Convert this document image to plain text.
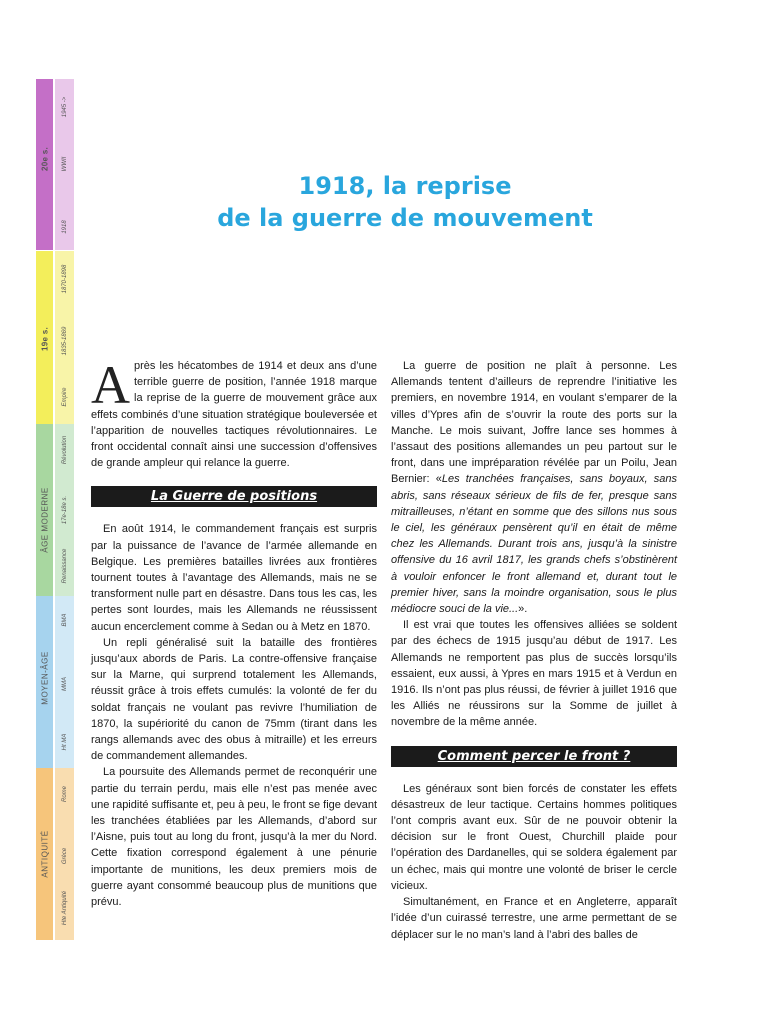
20e s.
1918
WWII
1945 ->
19e s.
Empire
1835-1869
1870-1898
ÂGE MODERNE
Renaissance
17e-18e s.
Révolution
MOYEN-ÂGE
Ht MA
MMA
BMA
ANTIQUITÉ
Hte Antiquité
Grèce
Rome
1918, la reprise
de la guerre de mouvement

Après les hécatombes de 1914 et deux ans d’une terrible guerre de position, l’année 1918 marque la reprise de la guerre de mouvement grâce aux effets combinés d’une situation stratégique bouleversée et l’apparition de nouvelles tactiques révolutionnaires. Le front occidental connaît ainsi une succession d’offensives de grande ampleur qui relance la guerre.

La Guerre de positions

En août 1914, le commandement français est surpris par la puissance de l’avance de l’armée allemande en Belgique. Les premières batailles livrées aux frontières tournent toutes à l’avantage des Allemands, mais ne se transforment nulle part en désastre. Dans tous les cas, les pertes sont lourdes, mais les Allemands ne réussissent aucun encerclement comme à Sedan ou à Metz en 1870.

Un repli généralisé suit la bataille des frontières jusqu’aux abords de Paris. La contre-offensive française sur la Marne, qui surprend totalement les Allemands, réussit grâce à trois effets cumulés: la volonté de fer du soldat français ne voulant pas revivre l’humiliation de 1870, la supériorité du canon de 75mm (tirant dans les rangs allemands avec des obus à mitraille) et les erreurs de commandement allemandes.

La poursuite des Allemands permet de reconquérir une partie du terrain perdu, mais elle n’est pas menée avec une rapidité suffisante et, peu à peu, le front se fige devant les tranchées établiées par les Allemands, d’abord sur l’Aisne, puis tout au long du front, jusqu’à la mer du Nord. Cette fixation correspond également à une pénurie importante de munitions, les deux premiers mois de guerre ayant consommé beaucoup plus de munitions que prévu.

La guerre de position ne plaît à personne. Les Allemands tentent d’ailleurs de reprendre l’initiative les premiers, en novembre 1914, en voulant s’emparer de la villes d’Ypres afin de s’ouvrir la route des ports sur la Manche. Le mois suivant, Joffre lance ses hommes à l’assaut des positions allemandes un peu partout sur le front, dans une impréparation révélée par un Poilu, Jean Bernier: «Les tranchées françaises, sans boyaux, sans abris, sans réseaux sérieux de fils de fer, presque sans mitrailleuses, n’étant en somme que des sillons nus sous le ciel, les généraux pensèrent qu’il en était de même chez les Allemands. Durant trois ans, jusqu’à la sinistre offensive du 16 avril 1817, les grands chefs s’obstinèrent à vouloir enfoncer le front allemand et, durant tout le premier hiver, sans la moindre organisation, sous le plus médiocre souci de la vie...».

Il est vrai que toutes les offensives alliées se soldent par des échecs de 1915 jusqu’au début de 1917. Les Allemands ne remportent pas plus de succès lorsqu’ils essaient, eux aussi, à Ypres en mars 1915 et à Verdun en 1916. Ils n’ont pas plus réussi, de février à juillet 1916 que les Alliés ne réussirons sur la Somme de juillet à novembre de la même année.

Comment percer le front ?

Les généraux sont bien forcés de constater les effets désastreux de leur tactique. Certains hommes politiques l’ont compris avant eux. Sûr de ne pouvoir obtenir la décision sur le front Ouest, Churchill plaide pour l’opération des Dardanelles, qui se soldera également par un échec, mais qui montre une volonté de briser le cercle vicieux.

Simultanément, en France et en Angleterre, apparaît l’idée d’un cuirassé terrestre, une arme permettant de se déplacer sur le no man’s land à l’abri des balles de
